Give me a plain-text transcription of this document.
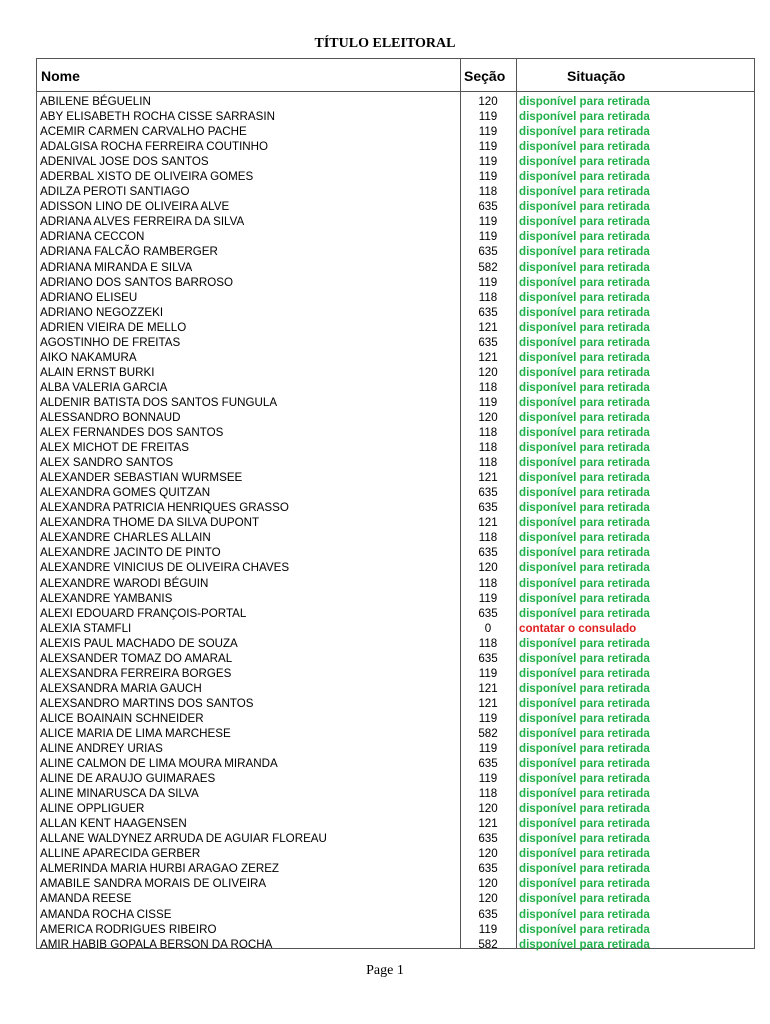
TÍTULO ELEITORAL
Nome	Seção	Situação
ABILENE BÉGUELIN	120	disponível para retirada
ABY ELISABETH ROCHA CISSE SARRASIN	119	disponível para retirada
ACEMIR CARMEN CARVALHO PACHE	119	disponível para retirada
ADALGISA ROCHA FERREIRA COUTINHO	119	disponível para retirada
ADENIVAL JOSE DOS SANTOS	119	disponível para retirada
ADERBAL XISTO DE OLIVEIRA GOMES	119	disponível para retirada
ADILZA PEROTI SANTIAGO	118	disponível para retirada
ADISSON LINO DE OLIVEIRA ALVE	635	disponível para retirada
ADRIANA ALVES FERREIRA DA SILVA	119	disponível para retirada
ADRIANA CECCON	119	disponível para retirada
ADRIANA FALCÃO RAMBERGER	635	disponível para retirada
ADRIANA MIRANDA E SILVA	582	disponível para retirada
ADRIANO DOS SANTOS BARROSO	119	disponível para retirada
ADRIANO ELISEU	118	disponível para retirada
ADRIANO NEGOZZEKI	635	disponível para retirada
ADRIEN VIEIRA DE MELLO	121	disponível para retirada
AGOSTINHO DE FREITAS	635	disponível para retirada
AIKO NAKAMURA	121	disponível para retirada
ALAIN ERNST BURKI	120	disponível para retirada
ALBA VALERIA GARCIA	118	disponível para retirada
ALDENIR BATISTA DOS SANTOS FUNGULA	119	disponível para retirada
ALESSANDRO BONNAUD	120	disponível para retirada
ALEX FERNANDES DOS SANTOS	118	disponível para retirada
ALEX MICHOT DE FREITAS	118	disponível para retirada
ALEX SANDRO SANTOS	118	disponível para retirada
ALEXANDER SEBASTIAN WURMSEE	121	disponível para retirada
ALEXANDRA GOMES QUITZAN	635	disponível para retirada
ALEXANDRA PATRICIA HENRIQUES GRASSO	635	disponível para retirada
ALEXANDRA THOME DA SILVA DUPONT	121	disponível para retirada
ALEXANDRE CHARLES ALLAIN	118	disponível para retirada
ALEXANDRE JACINTO DE PINTO	635	disponível para retirada
ALEXANDRE VINICIUS DE OLIVEIRA CHAVES	120	disponível para retirada
ALEXANDRE WARODI BÉGUIN	118	disponível para retirada
ALEXANDRE YAMBANIS	119	disponível para retirada
ALEXI EDOUARD FRANÇOIS-PORTAL	635	disponível para retirada
ALEXIA STAMFLI	0	contatar o consulado
ALEXIS PAUL MACHADO DE SOUZA	118	disponível para retirada
ALEXSANDER TOMAZ DO AMARAL	635	disponível para retirada
ALEXSANDRA FERREIRA BORGES	119	disponível para retirada
ALEXSANDRA MARIA GAUCH	121	disponível para retirada
ALEXSANDRO MARTINS DOS SANTOS	121	disponível para retirada
ALICE BOAINAIN SCHNEIDER	119	disponível para retirada
ALICE MARIA DE LIMA MARCHESE	582	disponível para retirada
ALINE ANDREY URIAS	119	disponível para retirada
ALINE CALMON DE LIMA MOURA MIRANDA	635	disponível para retirada
ALINE DE ARAUJO GUIMARAES	119	disponível para retirada
ALINE MINARUSCA DA SILVA	118	disponível para retirada
ALINE OPPLIGUER	120	disponível para retirada
ALLAN KENT HAAGENSEN	121	disponível para retirada
ALLANE WALDYNEZ ARRUDA DE AGUIAR FLOREAU	635	disponível para retirada
ALLINE APARECIDA GERBER	120	disponível para retirada
ALMERINDA MARIA HURBI ARAGAO ZEREZ	635	disponível para retirada
AMABILE SANDRA MORAIS DE OLIVEIRA	120	disponível para retirada
AMANDA REESE	120	disponível para retirada
AMANDA ROCHA CISSE	635	disponível para retirada
AMERICA RODRIGUES RIBEIRO	119	disponível para retirada
AMIR HABIB GOPALA BERSON DA ROCHA	582	disponível para retirada
Page 1
